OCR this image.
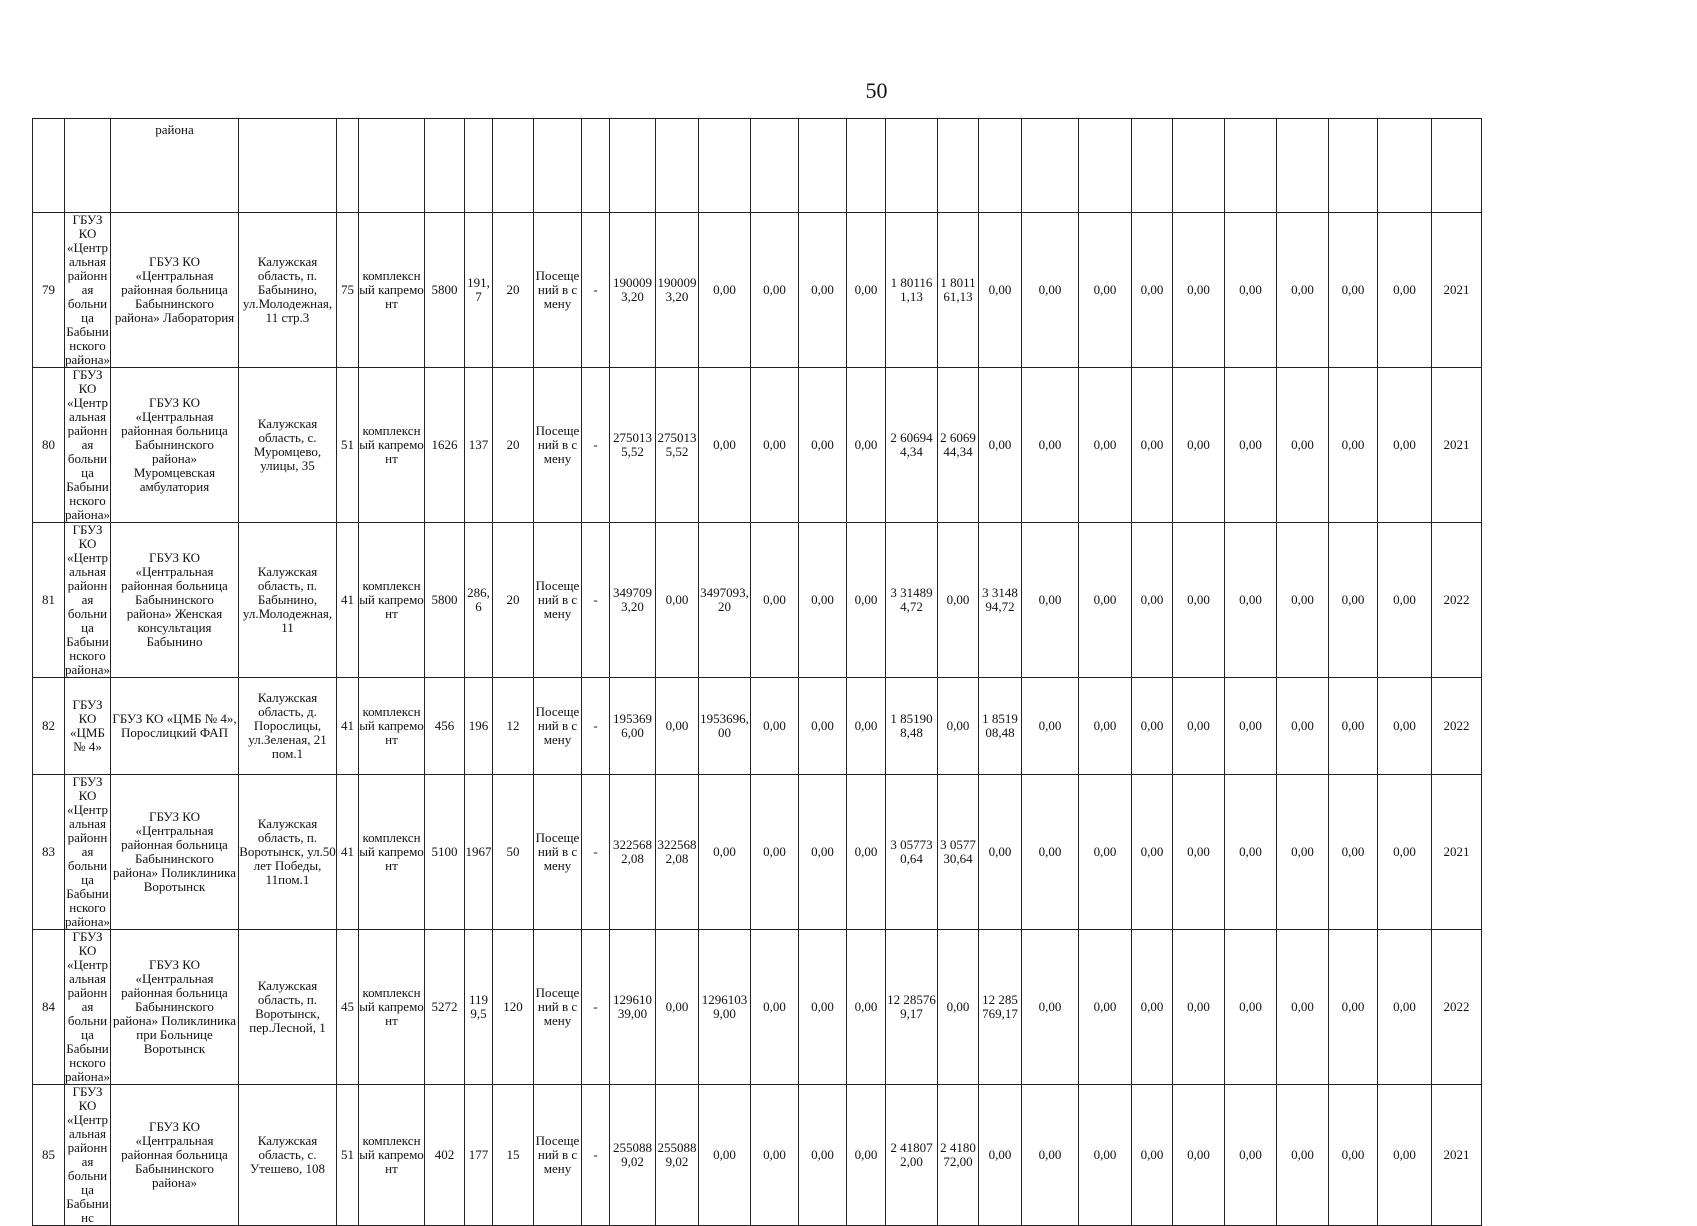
50
		района																										
79	ГБУЗ КО «Центральная районная больница Бабынинского района»	ГБУЗ КО «Центральная районная больница Бабынинского района» Лаборатория	Калужская область, п. Бабынино, ул.Молодежная, 11 стр.3	75	комплексный капремонт	5800	191,7	20	Посещений в смену	-	1900093,20	1900093,20	0,00	0,00	0,00	0,00	1 801161,13	1 801161,13	0,00	0,00	0,00	0,00	0,00	0,00	0,00	0,00	0,00	2021
80	ГБУЗ КО «Центральная районная больница Бабынинского района»	ГБУЗ КО «Центральная районная больница Бабынинского района» Муромцевская амбулатория	Калужская область, с. Муромцево, улицы, 35	51	комплексный капремонт	1626	137	20	Посещений в смену	-	2750135,52	2750135,52	0,00	0,00	0,00	0,00	2 606944,34	2 606944,34	0,00	0,00	0,00	0,00	0,00	0,00	0,00	0,00	0,00	2021
81	ГБУЗ КО «Центральная районная больница Бабынинского района»	ГБУЗ КО «Центральная районная больница Бабынинского района» Женская консультация Бабынино	Калужская область, п. Бабынино, ул.Молодежная, 11	41	комплексный капремонт	5800	286,6	20	Посещений в смену	-	3497093,20	0,00	3497093,20	0,00	0,00	0,00	3 314894,72	0,00	3 314894,72	0,00	0,00	0,00	0,00	0,00	0,00	0,00	0,00	2022
82	ГБУЗ КО «ЦМБ № 4»	ГБУЗ КО «ЦМБ № 4», Порослицкий ФАП	Калужская область, д. Порослицы, ул.Зеленая, 21 пом.1	41	комплексный капремонт	456	196	12	Посещений в смену	-	1953696,00	0,00	1953696,00	0,00	0,00	0,00	1 851908,48	0,00	1 851908,48	0,00	0,00	0,00	0,00	0,00	0,00	0,00	0,00	2022
83	ГБУЗ КО «Центральная районная больница Бабынинского района»	ГБУЗ КО «Центральная районная больница Бабынинского района» Поликлиника Воротынск	Калужская область, п. Воротынск, ул.50 лет Победы, 11пом.1	41	комплексный капремонт	5100	1967	50	Посещений в смену	-	3225682,08	3225682,08	0,00	0,00	0,00	0,00	3 057730,64	3 057730,64	0,00	0,00	0,00	0,00	0,00	0,00	0,00	0,00	0,00	2021
84	ГБУЗ КО «Центральная районная больница Бабынинского района»	ГБУЗ КО «Центральная районная больница Бабынинского района» Поликлиника при Больнице Воротынск	Калужская область, п. Воротынск, пер.Лесной, 1	45	комплексный капремонт	5272	1199,5	120	Посещений в смену	-	12961039,00	0,00	12961039,00	0,00	0,00	0,00	12 285769,17	0,00	12 285769,17	0,00	0,00	0,00	0,00	0,00	0,00	0,00	0,00	2022
85	ГБУЗ КО «Центральная районная больница Бабынинс	ГБУЗ КО «Центральная районная больница Бабынинского района»	Калужская область, с. Утешево, 108	51	комплексный капремонт	402	177	15	Посещений в смену	-	2550889,02	2550889,02	0,00	0,00	0,00	0,00	2 418072,00	2 418072,00	0,00	0,00	0,00	0,00	0,00	0,00	0,00	0,00	0,00	2021
